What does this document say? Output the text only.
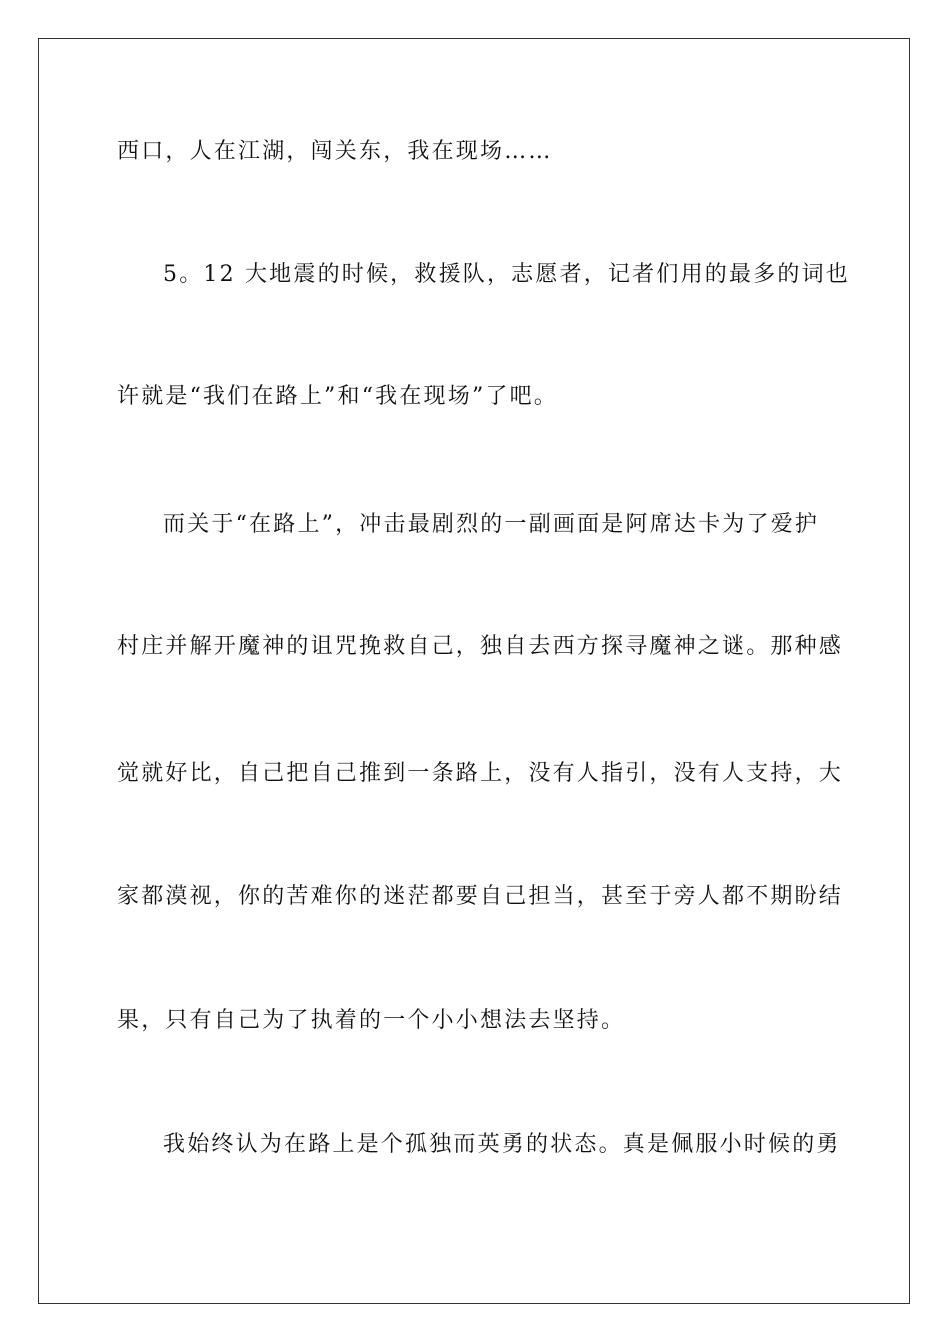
西口，人在江湖，闯关东，我在现场……
5。12 大地震的时候，救援队，志愿者，记者们用的最多的词也
许就是“我们在路上”和“我在现场”了吧。
而关于“在路上”，冲击最剧烈的一副画面是阿席达卡为了爱护
村庄并解开魔神的诅咒挽救自己，独自去西方探寻魔神之谜。那种感
觉就好比，自己把自己推到一条路上，没有人指引，没有人支持，大
家都漠视，你的苦难你的迷茫都要自己担当，甚至于旁人都不期盼结
果，只有自己为了执着的一个小小想法去坚持。
我始终认为在路上是个孤独而英勇的状态。真是佩服小时候的勇
